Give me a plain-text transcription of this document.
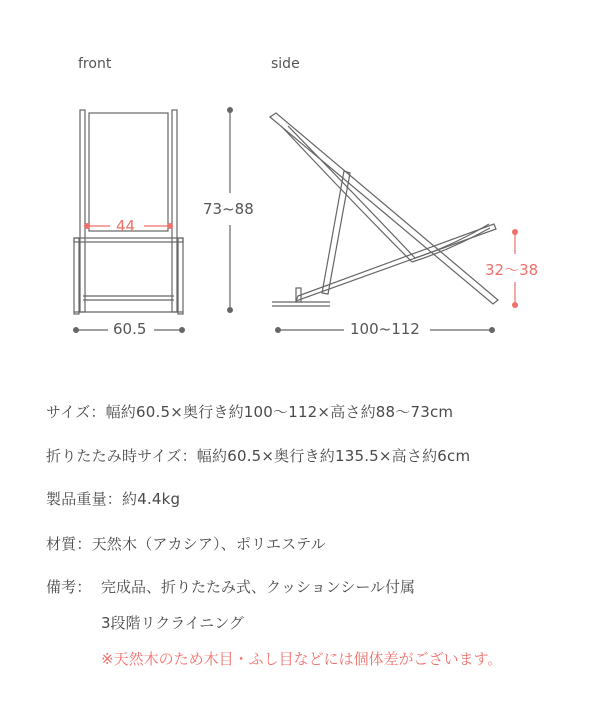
front	side
44
60.5
73~88
100~112
32～38
サイズ：幅約60.5×奥行き約100〜112×高さ約88〜73cm
折りたたみ時サイズ：幅約60.5×奥行き約135.5×高さ約6cm
製品重量：約4.4kg
材質：天然木（アカシア）、ポリエステル
備考： 完成品、折りたたみ式、クッションシール付属
3段階リクライニング
※天然木のため木目・ふし目などには個体差がございます。
